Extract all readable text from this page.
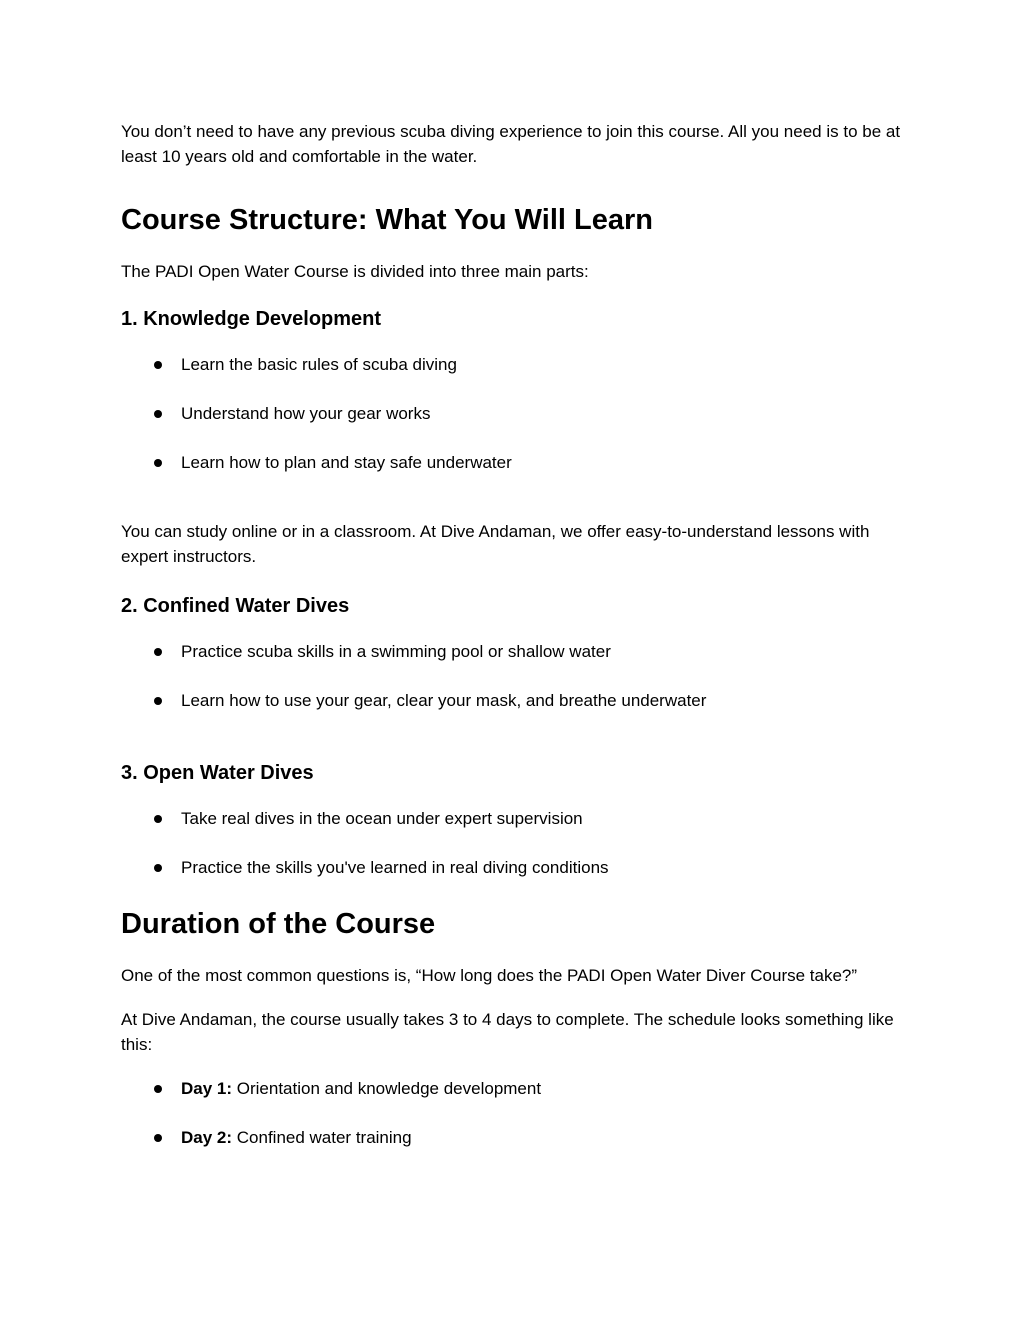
You don’t need to have any previous scuba diving experience to join this course. All you need is to be at least 10 years old and comfortable in the water.

Course Structure: What You Will Learn

The PADI Open Water Course is divided into three main parts:

1. Knowledge Development
Learn the basic rules of scuba diving
Understand how your gear works
Learn how to plan and stay safe underwater

You can study online or in a classroom. At Dive Andaman, we offer easy-to-understand lessons with expert instructors.

2. Confined Water Dives
Practice scuba skills in a swimming pool or shallow water
Learn how to use your gear, clear your mask, and breathe underwater
3. Open Water Dives
Take real dives in the ocean under expert supervision
Practice the skills you've learned in real diving conditions
Duration of the Course

One of the most common questions is, “How long does the PADI Open Water Diver Course take?”

At Dive Andaman, the course usually takes 3 to 4 days to complete. The schedule looks something like this:

Day 1: Orientation and knowledge development
Day 2: Confined water training
